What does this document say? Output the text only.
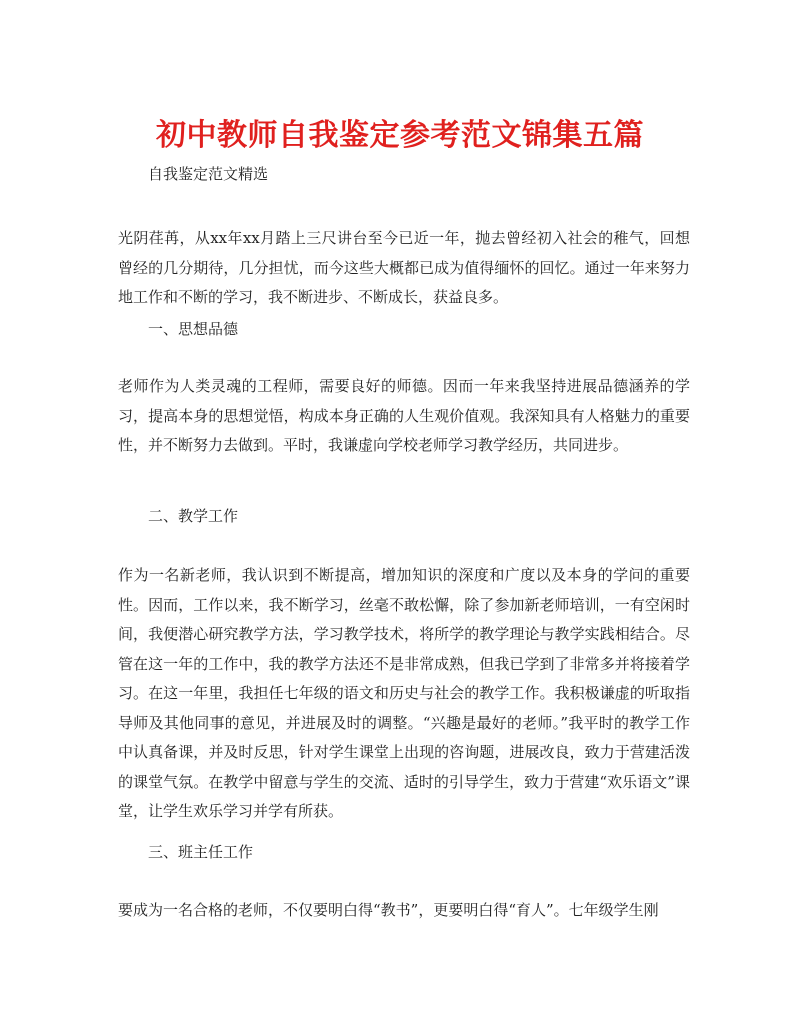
初中教师自我鉴定参考范文锦集五篇

自我鉴定范文精选

光阴荏苒，从xx年xx月踏上三尺讲台至今已近一年，抛去曾经初入社会的稚气，回想曾经的几分期待，几分担忧，而今这些大概都已成为值得缅怀的回忆。通过一年来努力地工作和不断的学习，我不断进步、不断成长，获益良多。

一、思想品德

老师作为人类灵魂的工程师，需要良好的师德。因而一年来我坚持进展品德涵养的学习，提高本身的思想觉悟，构成本身正确的人生观价值观。我深知具有人格魅力的重要性，并不断努力去做到。平时，我谦虚向学校老师学习教学经历，共同进步。

二、教学工作

作为一名新老师，我认识到不断提高，增加知识的深度和广度以及本身的学问的重要性。因而，工作以来，我不断学习，丝毫不敢松懈，除了参加新老师培训，一有空闲时间，我便潜心研究教学方法，学习教学技术，将所学的教学理论与教学实践相结合。尽管在这一年的工作中，我的教学方法还不是非常成熟，但我已学到了非常多并将接着学习。在这一年里，我担任七年级的语文和历史与社会的教学工作。我积极谦虚的听取指导师及其他同事的意见，并进展及时的调整。“兴趣是最好的老师。”我平时的教学工作中认真备课，并及时反思，针对学生课堂上出现的咨询题，进展改良，致力于营建活泼的课堂气氛。在教学中留意与学生的交流、适时的引导学生，致力于营建“欢乐语文”课堂，让学生欢乐学习并学有所获。

三、班主任工作

要成为一名合格的老师，不仅要明白得“教书”，更要明白得“育人”。七年级学生刚
